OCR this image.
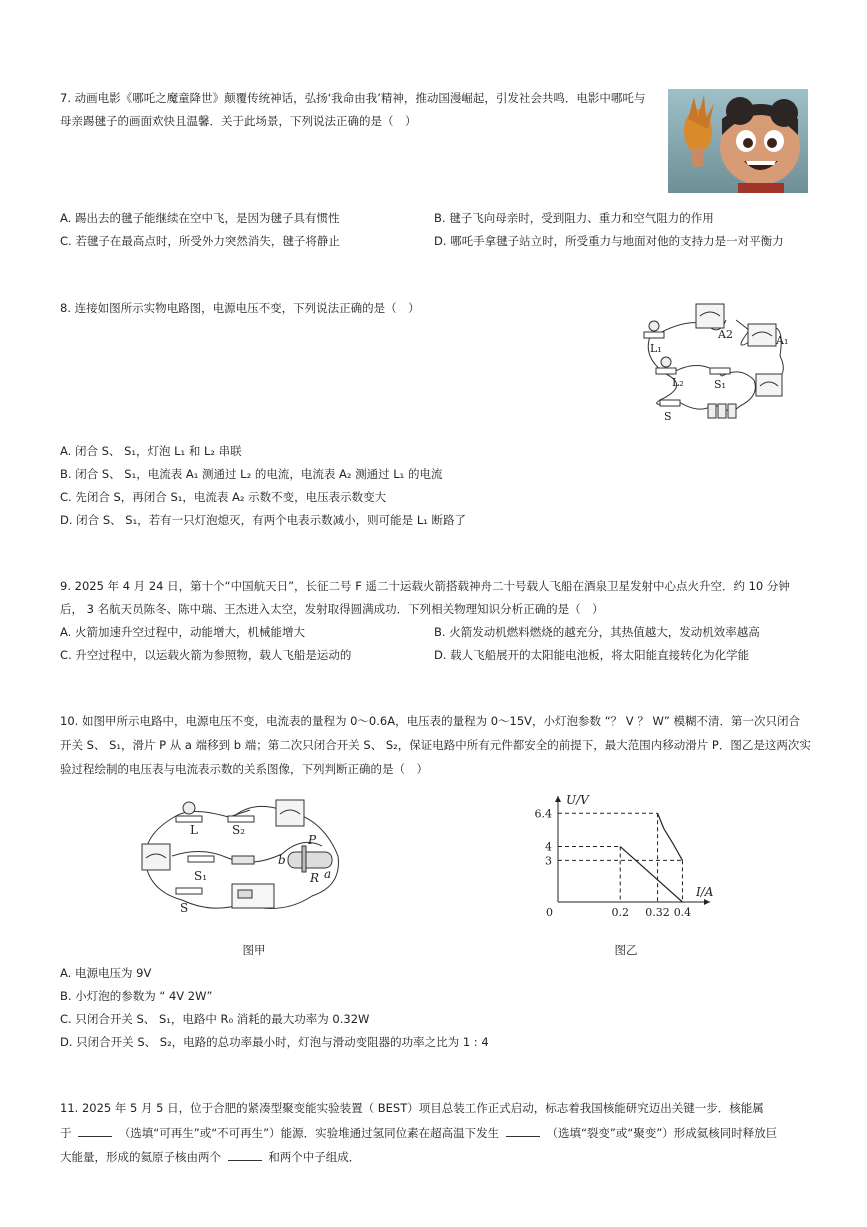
7. 动画电影《哪吒之魔童降世》颠覆传统神话，弘扬‘我命由我’精神，推动国漫崛起，引发社会共鸣．电影中哪吒与
母亲踢毽子的画面欢快且温馨．关于此场景，下列说法正确的是（　）
A. 踢出去的毽子能继续在空中飞，是因为毽子具有惯性	B. 毽子飞向母亲时，受到阻力、重力和空气阻力的作用
C. 若毽子在最高点时，所受外力突然消失，毽子将静止	D. 哪吒手拿毽子站立时，所受重力与地面对他的支持力是一对平衡力
8. 连接如图所示实物电路图，电源电压不变，下列说法正确的是（　）
L₁
A2	A₁
L₂	S₁
S
A. 闭合 S、 S₁，灯泡 L₁ 和 L₂ 串联
B. 闭合 S、 S₁，电流表 A₁ 测通过 L₂ 的电流，电流表 A₂ 测通过 L₁ 的电流
C. 先闭合 S，再闭合 S₁，电流表 A₂ 示数不变，电压表示数变大
D. 闭合 S、 S₁，若有一只灯泡熄灭，有两个电表示数减小，则可能是 L₁ 断路了
9. 2025 年 4 月 24 日，第十个“中国航天日”，长征二号 F 遥二十运载火箭搭载神舟二十号载人飞船在酒泉卫星发射中心点火升空．约 10 分钟
后， 3 名航天员陈冬、陈中瑞、王杰进入太空，发射取得圆满成功．下列相关物理知识分析正确的是（　）
A. 火箭加速升空过程中，动能增大，机械能增大	B. 火箭发动机燃料燃烧的越充分，其热值越大，发动机效率越高
C. 升空过程中，以运载火箭为参照物，载人飞船是运动的	D. 载人飞船展开的太阳能电池板，将太阳能直接转化为化学能
10. 如图甲所示电路中，电源电压不变，电流表的量程为 0～0.6A，电压表的量程为 0～15V，小灯泡参数 “？ V ？ W” 模糊不清．第一次只闭合
开关 S、 S₁，滑片 P 从 a 端移到 b 端；第二次只闭合开关 S、 S₂，保证电路中所有元件都安全的前提下，最大范围内移动滑片 P．图乙是这两次实
验过程绘制的电压表与电流表示数的关系图像，下列判断正确的是（　）
L	S₂
P
b
R a
S₁
S
图甲
U/V
I/A
0	0.2 0.32 0.4
3
4
6.4
图乙
A. 电源电压为 9V
B. 小灯泡的参数为 “ 4V 2W”
C. 只闭合开关 S、 S₁，电路中 R₀ 消耗的最大功率为 0.32W
D. 只闭合开关 S、 S₂，电路的总功率最小时，灯泡与滑动变阻器的功率之比为 1 : 4
11. 2025 年 5 月 5 日，位于合肥的紧凑型聚变能实验装置（ BEST）项目总装工作正式启动，标志着我国核能研究迈出关键一步．核能属
于	（选填“可再生”或“不可再生”）能源．实验堆通过氢同位素在超高温下发生	（选填“裂变”或“聚变”）形成氦核同时释放巨
大能量，形成的氦原子核由两个	和两个中子组成．
